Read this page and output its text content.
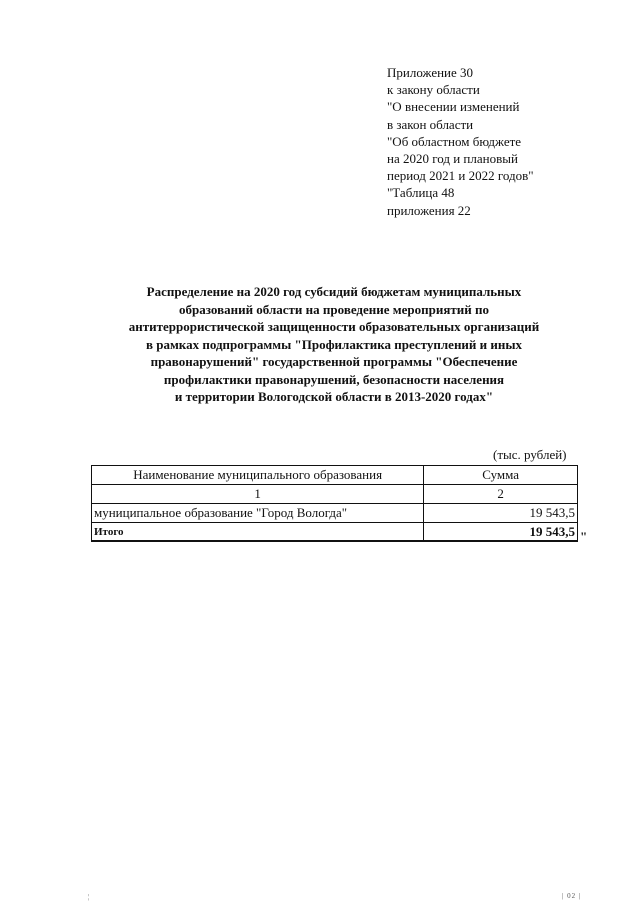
Приложение 30
к закону области
"О внесении изменений
в закон области
"Об областном бюджете
на 2020 год и плановый
период 2021 и 2022 годов"
"Таблица 48
приложения 22
Распределение на 2020 год субсидий бюджетам муниципальных
образований области на проведение мероприятий по
антитеррористической защищенности образовательных организаций
в рамках подпрограммы "Профилактика преступлений и иных
правонарушений" государственной программы "Обеспечение
профилактики правонарушений, безопасности населения
и территории Вологодской области в 2013-2020 годах"
(тыс. рублей)
Наименование муниципального образования	Сумма
1	2
муниципальное образование "Город Вологда"	19 543,5
Итого	19 543,5 "
¦	| 02 |
